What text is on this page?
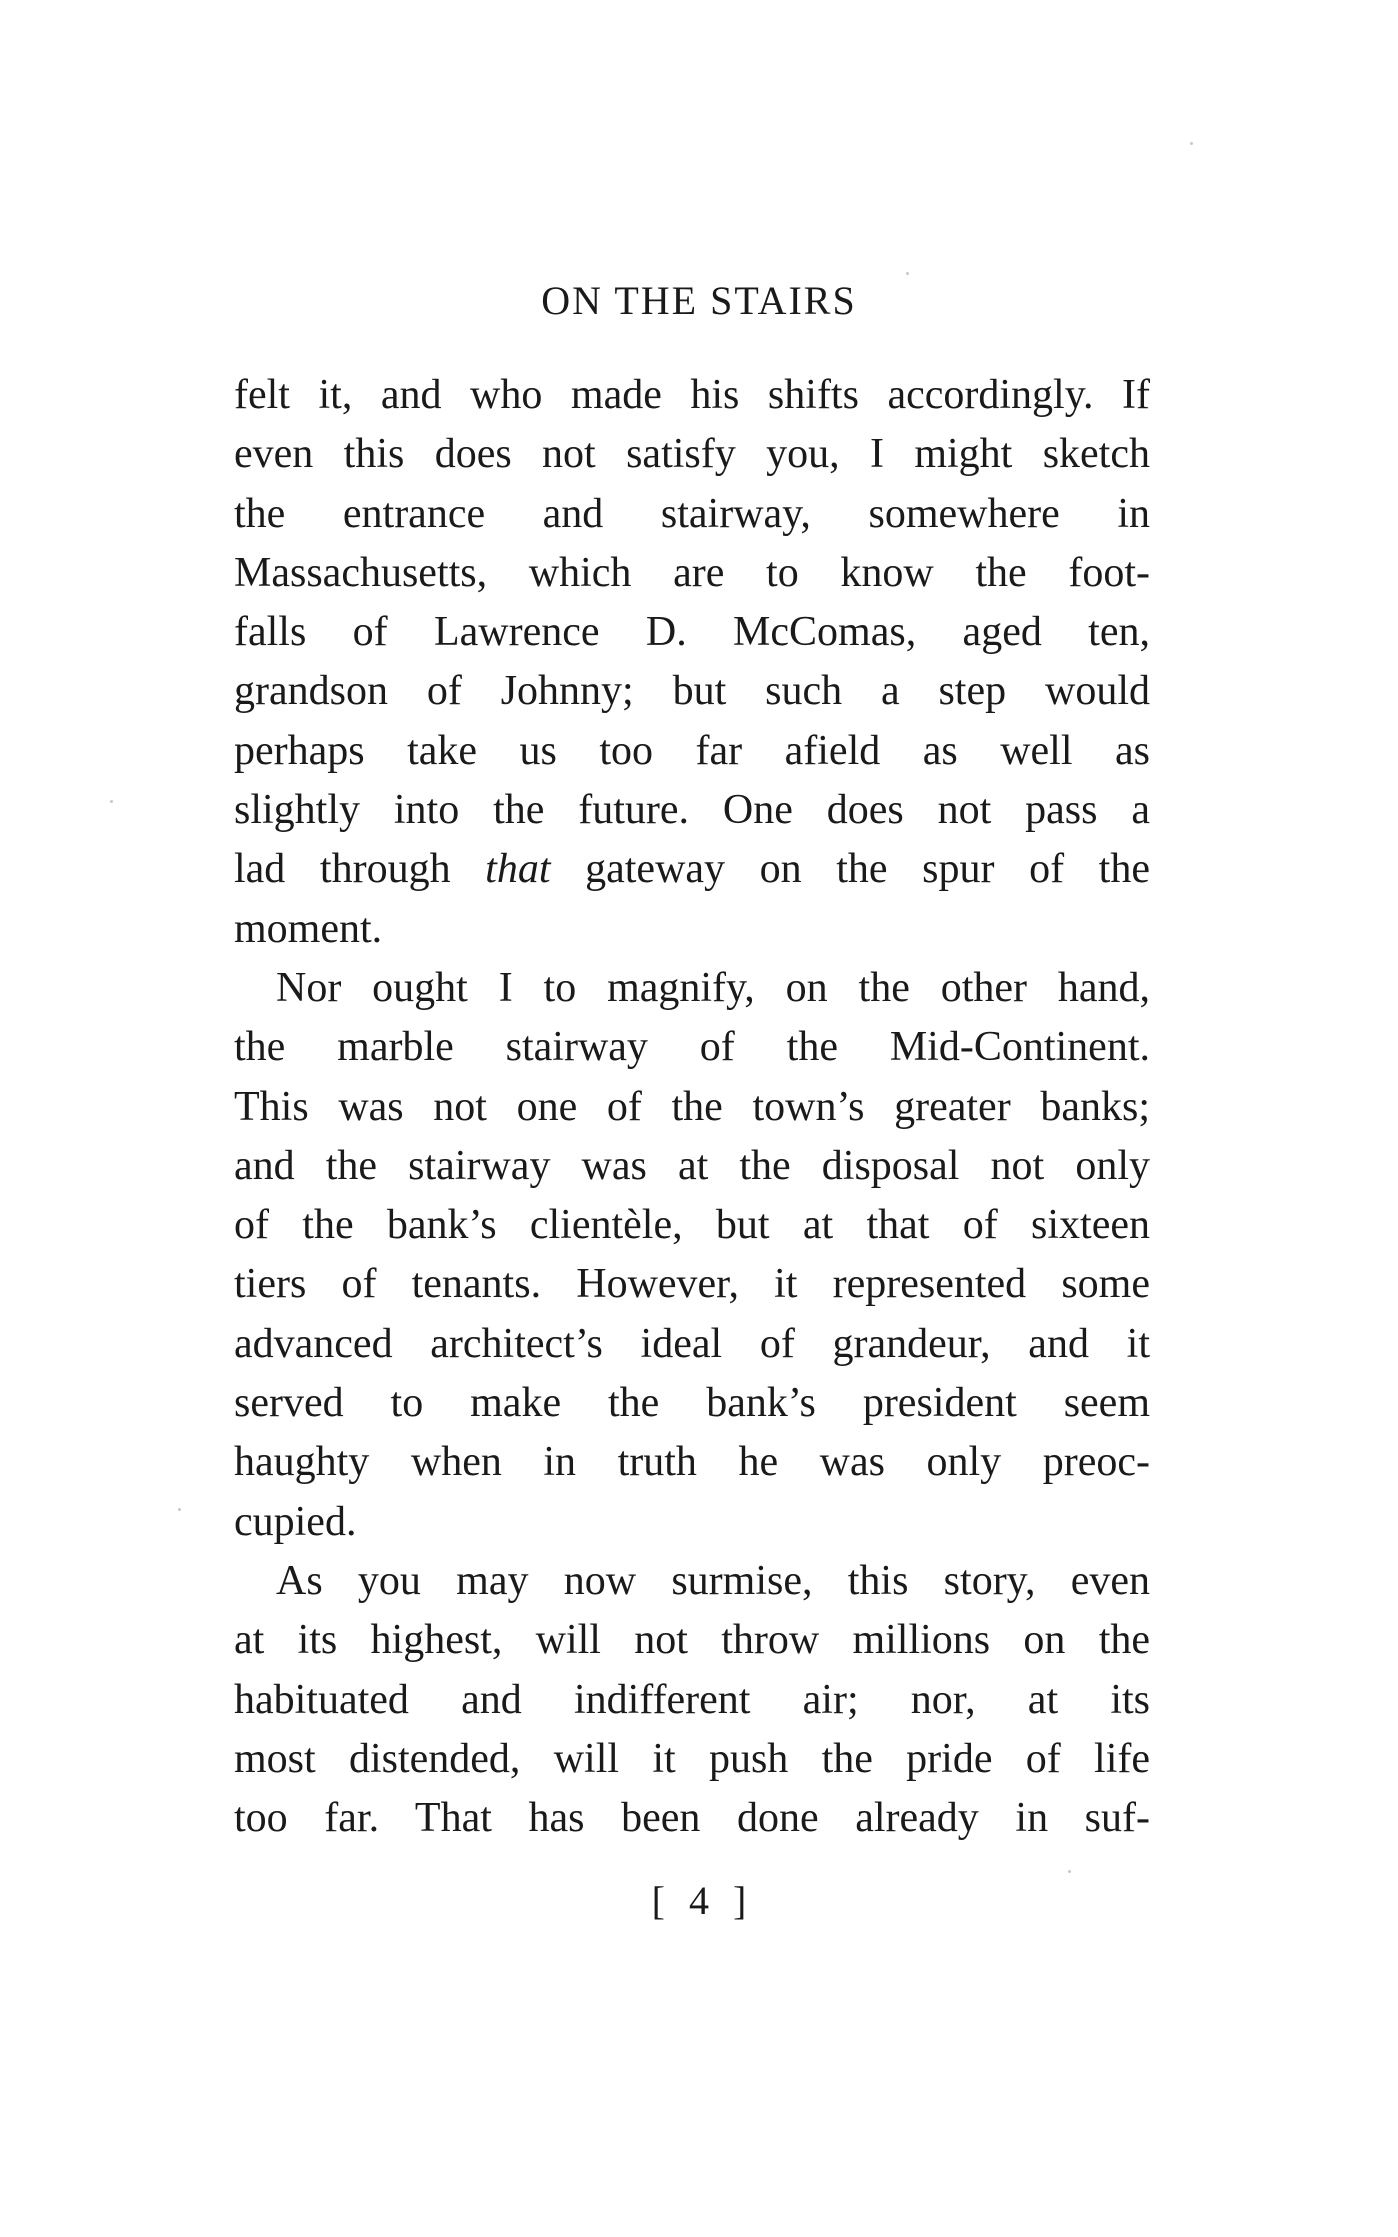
ON THE STAIRS
felt it, and who made his shifts accordingly. If
even this does not satisfy you, I might sketch
the entrance and stairway, somewhere in
Massachusetts, which are to know the foot-
falls of Lawrence D. McComas, aged ten,
grandson of Johnny; but such a step would
perhaps take us too far afield as well as
slightly into the future. One does not pass a
lad through that gateway on the spur of the
moment.
Nor ought I to magnify, on the other hand,
the marble stairway of the Mid-Continent.
This was not one of the town’s greater banks;
and the stairway was at the disposal not only
of the bank’s clientèle, but at that of sixteen
tiers of tenants. However, it represented some
advanced architect’s ideal of grandeur, and it
served to make the bank’s president seem
haughty when in truth he was only preoc-
cupied.
As you may now surmise, this story, even
at its highest, will not throw millions on the
habituated and indifferent air; nor, at its
most distended, will it push the pride of life
too far. That has been done already in suf-
[ 4 ]
